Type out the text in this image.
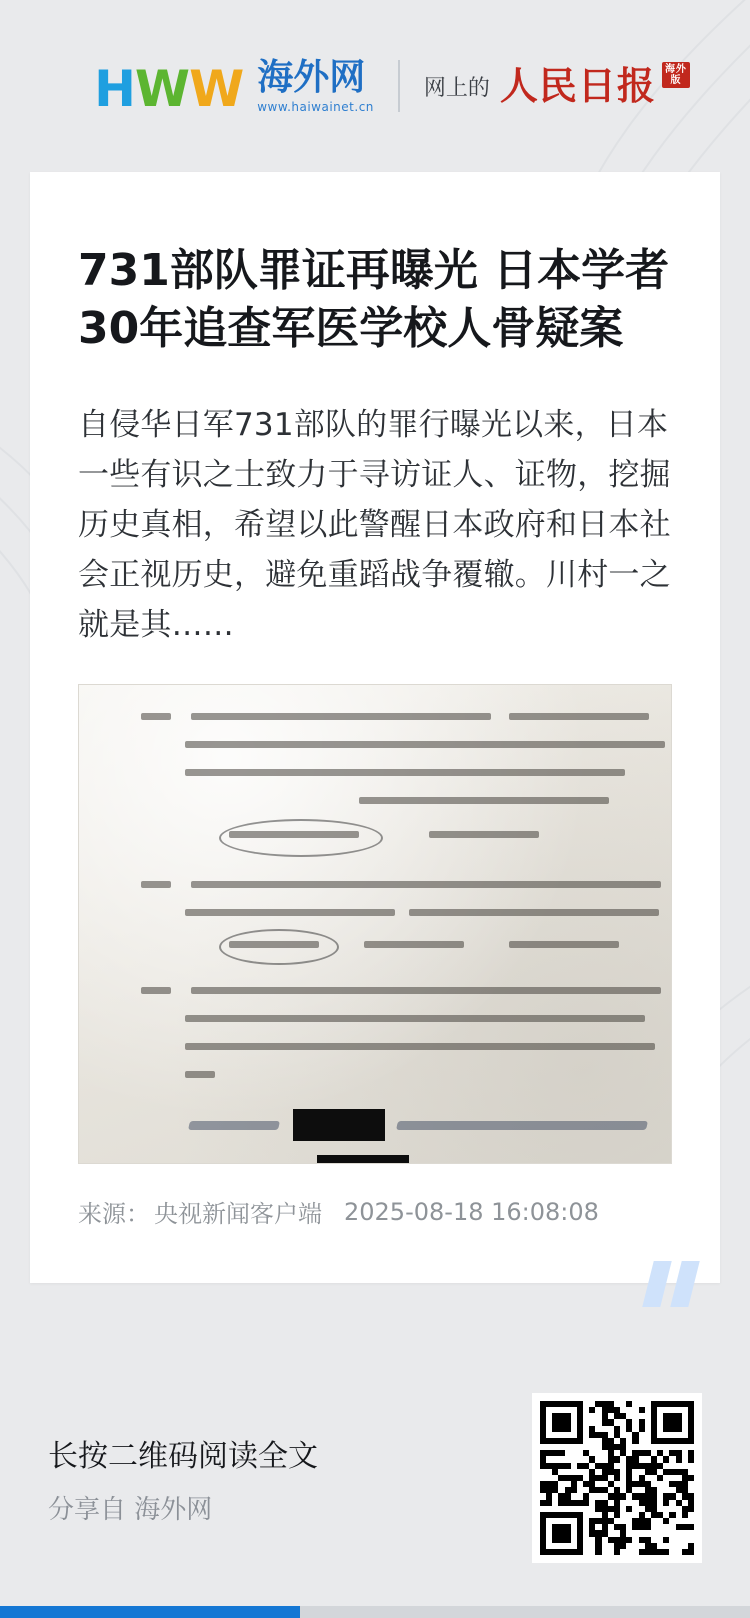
H W W 海外网
www.haiwainet.cn
网上的 人民日报 海外版
731部队罪证再曝光 日本学者30年追查军医学校人骨疑案

自侵华日军731部队的罪行曝光以来，日本一些有识之士致力于寻访证人、证物，挖掘历史真相，希望以此警醒日本政府和日本社会正视历史，避免重蹈战争覆辙。川村一之就是其……

来源： 央视新闻客户端 2025-08-18 16:08:08
长按二维码阅读全文
分享自 海外网
